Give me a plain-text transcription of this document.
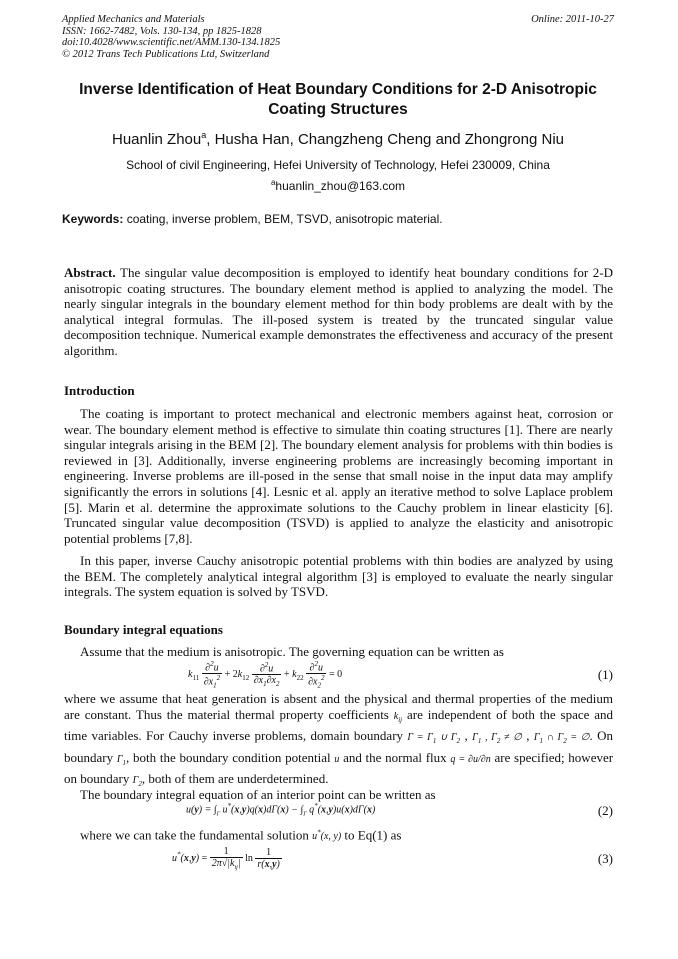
Applied Mechanics and Materials
ISSN: 1662-7482, Vols. 130-134, pp 1825-1828
doi:10.4028/www.scientific.net/AMM.130-134.1825
© 2012 Trans Tech Publications Ltd, Switzerland
Online: 2011-10-27
Inverse Identification of Heat Boundary Conditions for 2-D Anisotropic
Coating Structures
Huanlin Zhou$^a$, Husha Han, Changzheng Cheng and Zhongrong Niu
School of civil Engineering, Hefei University of Technology, Hefei 230009, China
$^a$huanlin_zhou@163.com
Keywords: coating, inverse problem, BEM, TSVD, anisotropic material.
Abstract. The singular value decomposition is employed to identify heat boundary conditions for 2-D anisotropic coating structures. The boundary element method is applied to analyzing the model. The nearly singular integrals in the boundary element method for thin body problems are dealt with by the analytical integral formulas. The ill-posed system is treated by the truncated singular value decomposition technique. Numerical example demonstrates the effectiveness and accuracy of the present algorithm.
Introduction
The coating is important to protect mechanical and electronic members against heat, corrosion or wear. The boundary element method is effective to simulate thin coating structures [1]. There are nearly singular integrals arising in the BEM [2]. The boundary element analysis for problems with thin bodies is reviewed in [3]. Additionally, inverse engineering problems are increasingly becoming important in engineering. Inverse problems are ill-posed in the sense that small noise in the input data may amplify significantly the errors in solutions [4]. Lesnic et al. apply an iterative method to solve Laplace problem [5]. Marin et al. determine the approximate solutions to the Cauchy problem in linear elasticity [6]. Truncated singular value decomposition (TSVD) is applied to analyze the elasticity and anisotropic potential problems [7,8].
In this paper, inverse Cauchy anisotropic potential problems with thin bodies are analyzed by using the BEM. The completely analytical integral algorithm [3] is employed to evaluate the nearly singular integrals. The system equation is solved by TSVD.
Boundary integral equations
Assume that the medium is anisotropic. The governing equation can be written as
$k_{11} \frac{\partial^2u}{\partial x_1^2} + 2k_{12} \frac{\partial^2u}{\partial x_1\partial x_2} + k_{22} \frac{\partial^2u}{\partial x_2^2} = 0$	(1)
where we assume that heat generation is absent and the physical and thermal properties of the medium are constant. Thus the material thermal property coefficients $k_{ij}$ are independent of both the space and time variables. For Cauchy inverse problems, domain boundary $\Gamma = \Gamma_1$ ∪ $\Gamma_2$ , $\Gamma_1$ , $\Gamma_2$ ≠ ∅ , $\Gamma_1$ ∩ $\Gamma_2$ = ∅. On boundary $\Gamma_1$, both the boundary condition potential u and the normal flux q = ∂u/∂n are specified; however on boundary $\Gamma_2$, both of them are underdetermined.
The boundary integral equation of an interior point can be written as
$u(y) = \int_\Gamma$ $u^*(x,y)q(x)d\Gamma(x) - \int_\Gamma$ q*(x,y)u(x)dΓ(x)	(2)
where we can take the fundamental solution u*(x, y) to Eq(1) as
$u^*(x,y) = \frac{1}{2\pi√|k_{ij}|}$ $\ln \frac{1}{r(x,y)}$	(3)
